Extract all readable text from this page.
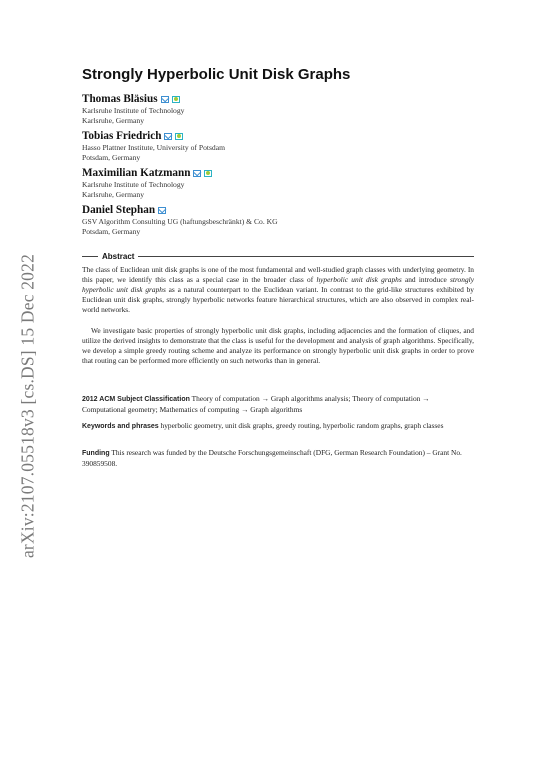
arXiv:2107.05518v3 [cs.DS] 15 Dec 2022
Strongly Hyperbolic Unit Disk Graphs
Thomas Bläsius
Karlsruhe Institute of Technology
Karlsruhe, Germany
Tobias Friedrich
Hasso Plattner Institute, University of Potsdam
Potsdam, Germany
Maximilian Katzmann
Karlsruhe Institute of Technology
Karlsruhe, Germany
Daniel Stephan
GSV Algorithm Consulting UG (haftungsbeschränkt) & Co. KG
Potsdam, Germany
Abstract

The class of Euclidean unit disk graphs is one of the most fundamental and well-studied graph classes with underlying geometry. In this paper, we identify this class as a special case in the broader class of hyperbolic unit disk graphs and introduce strongly hyperbolic unit disk graphs as a natural counterpart to the Euclidean variant. In contrast to the grid-like structures exhibited by Euclidean unit disk graphs, strongly hyperbolic networks feature hierarchical structures, which are also observed in complex real-world networks.

We investigate basic properties of strongly hyperbolic unit disk graphs, including adjacencies and the formation of cliques, and utilize the derived insights to demonstrate that the class is useful for the development and analysis of graph algorithms. Specifically, we develop a simple greedy routing scheme and analyze its performance on strongly hyperbolic unit disk graphs in order to prove that routing can be performed more efficiently on such networks than in general.

2012 ACM Subject Classification Theory of computation → Graph algorithms analysis; Theory of computation → Computational geometry; Mathematics of computing → Graph algorithms

Keywords and phrases hyperbolic geometry, unit disk graphs, greedy routing, hyperbolic random graphs, graph classes

Funding This research was funded by the Deutsche Forschungsgemeinschaft (DFG, German Research Foundation) – Grant No. 390859508.
